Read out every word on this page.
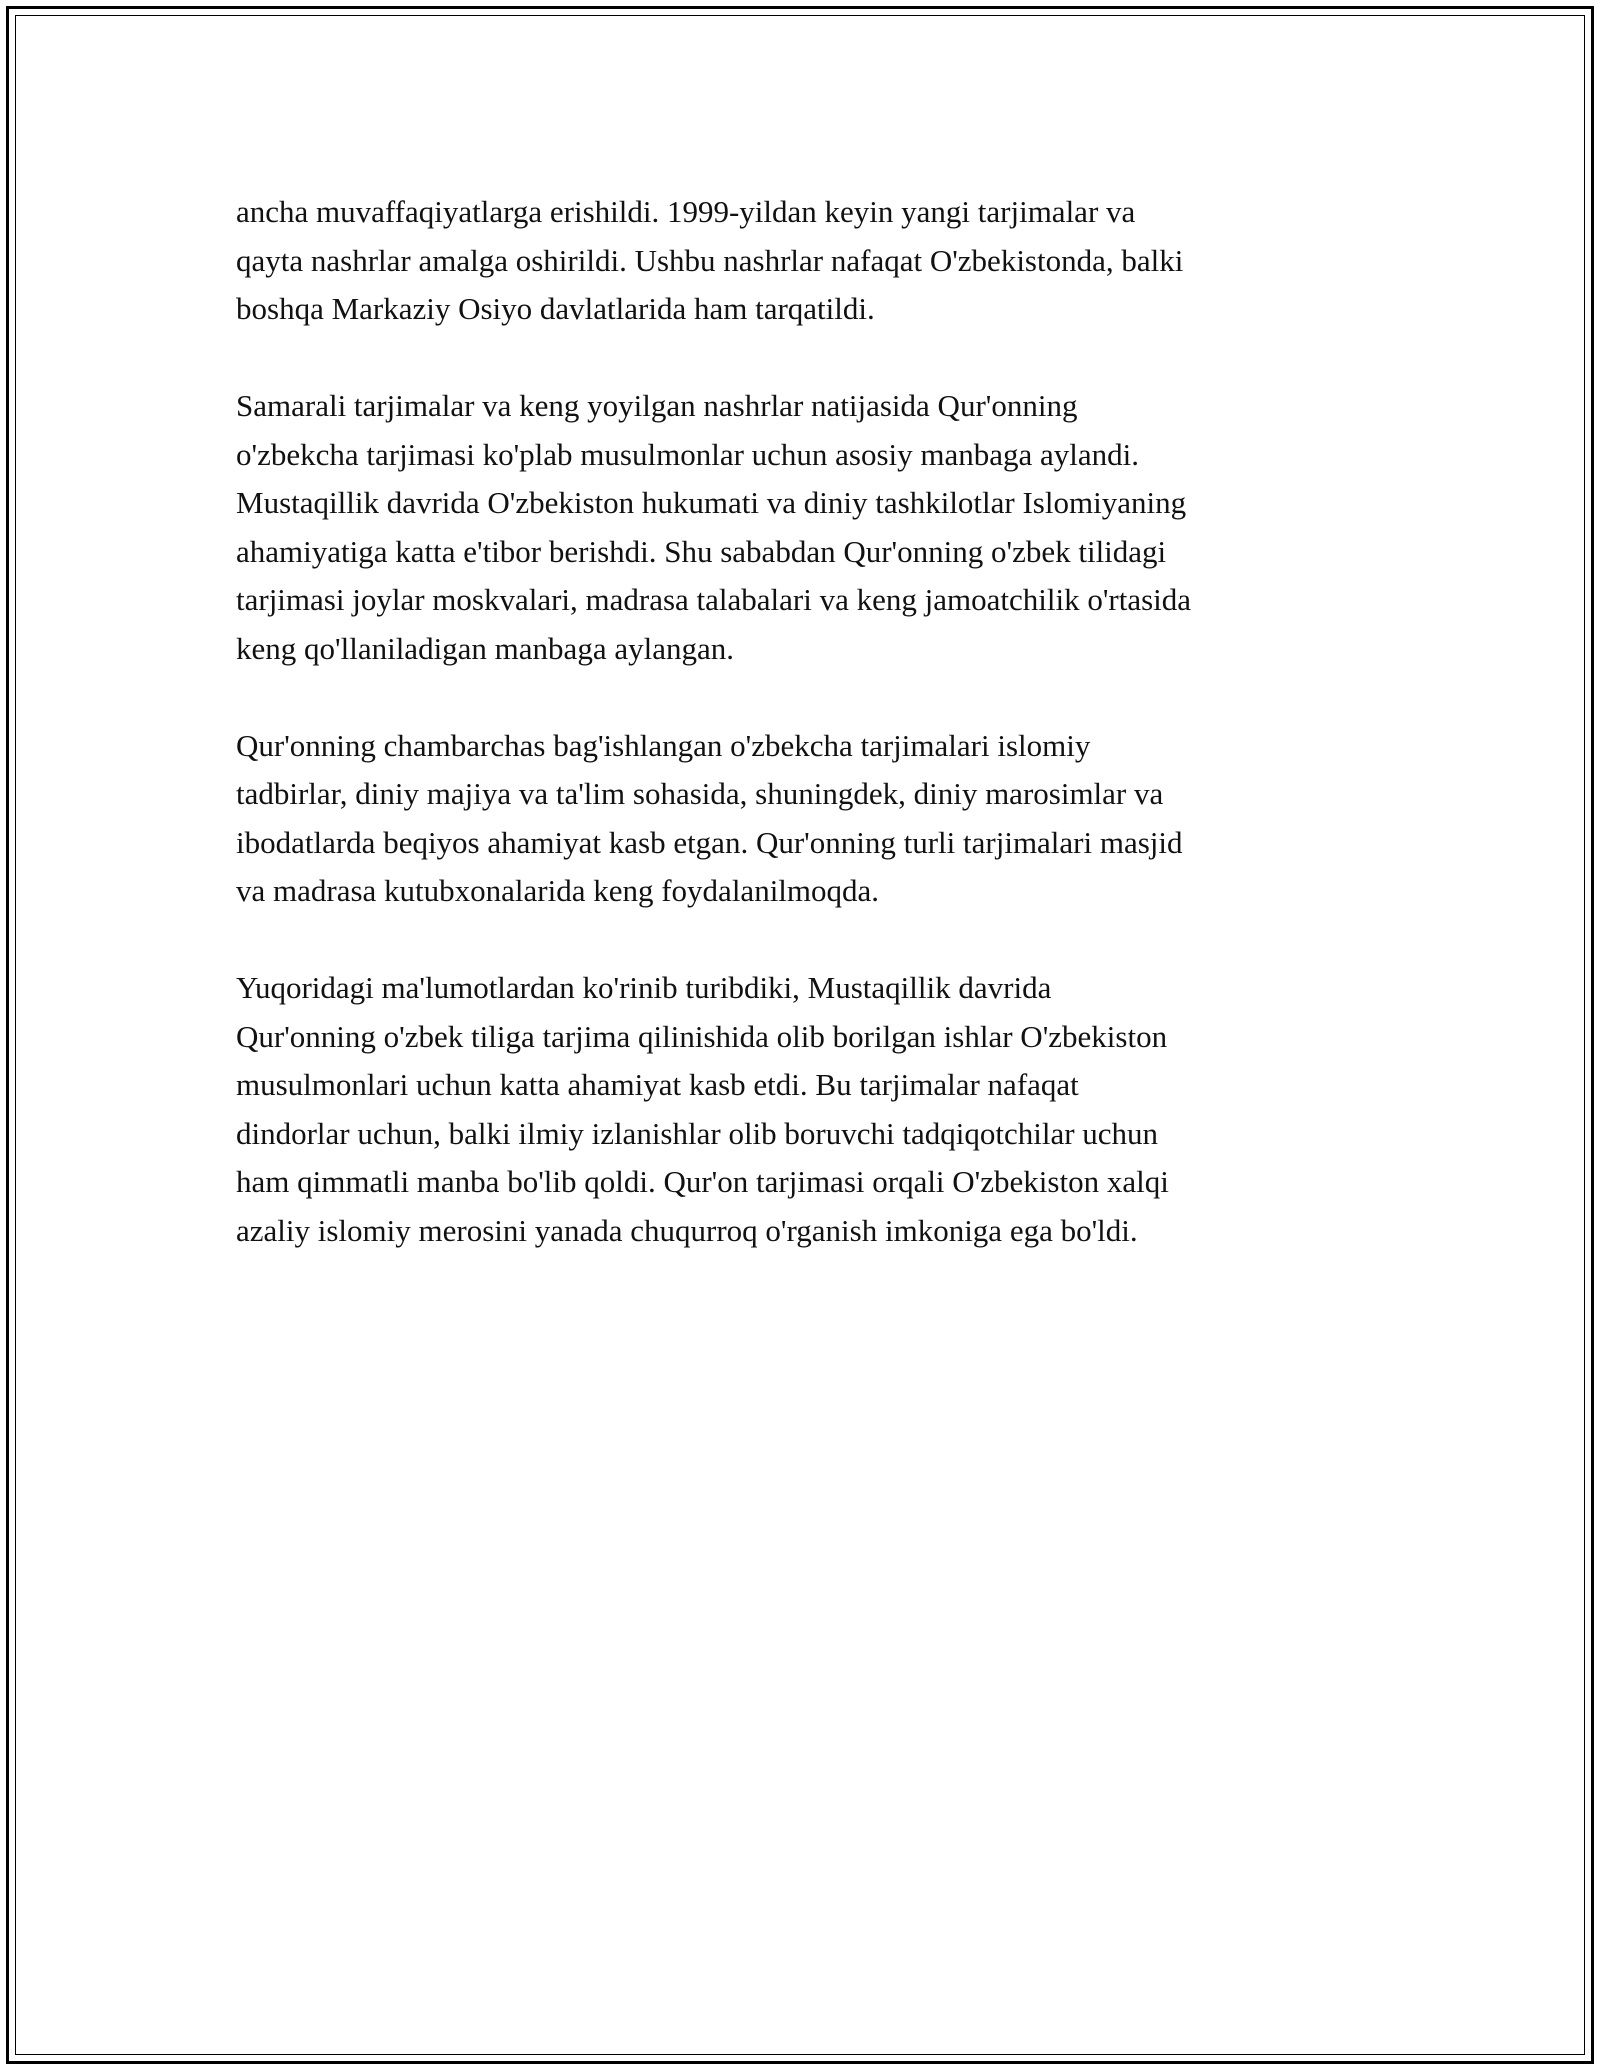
ancha muvaffaqiyatlarga erishildi. 1999-yildan keyin yangi tarjimalar va
qayta nashrlar amalga oshirildi. Ushbu nashrlar nafaqat O'zbekistonda, balki
boshqa Markaziy Osiyo davlatlarida ham tarqatildi.

Samarali tarjimalar va keng yoyilgan nashrlar natijasida Qur'onning
o'zbekcha tarjimasi ko'plab musulmonlar uchun asosiy manbaga aylandi.
Mustaqillik davrida O'zbekiston hukumati va diniy tashkilotlar Islomiyaning
ahamiyatiga katta e'tibor berishdi. Shu sababdan Qur'onning o'zbek tilidagi
tarjimasi joylar moskvalari, madrasa talabalari va keng jamoatchilik o'rtasida
keng qo'llaniladigan manbaga aylangan.

Qur'onning chambarchas bag'ishlangan o'zbekcha tarjimalari islomiy
tadbirlar, diniy majiya va ta'lim sohasida, shuningdek, diniy marosimlar va
ibodatlarda beqiyos ahamiyat kasb etgan. Qur'onning turli tarjimalari masjid
va madrasa kutubxonalarida keng foydalanilmoqda.

Yuqoridagi ma'lumotlardan ko'rinib turibdiki, Mustaqillik davrida
Qur'onning o'zbek tiliga tarjima qilinishida olib borilgan ishlar O'zbekiston
musulmonlari uchun katta ahamiyat kasb etdi. Bu tarjimalar nafaqat
dindorlar uchun, balki ilmiy izlanishlar olib boruvchi tadqiqotchilar uchun
ham qimmatli manba bo'lib qoldi. Qur'on tarjimasi orqali O'zbekiston xalqi
azaliy islomiy merosini yanada chuqurroq o'rganish imkoniga ega bo'ldi.
